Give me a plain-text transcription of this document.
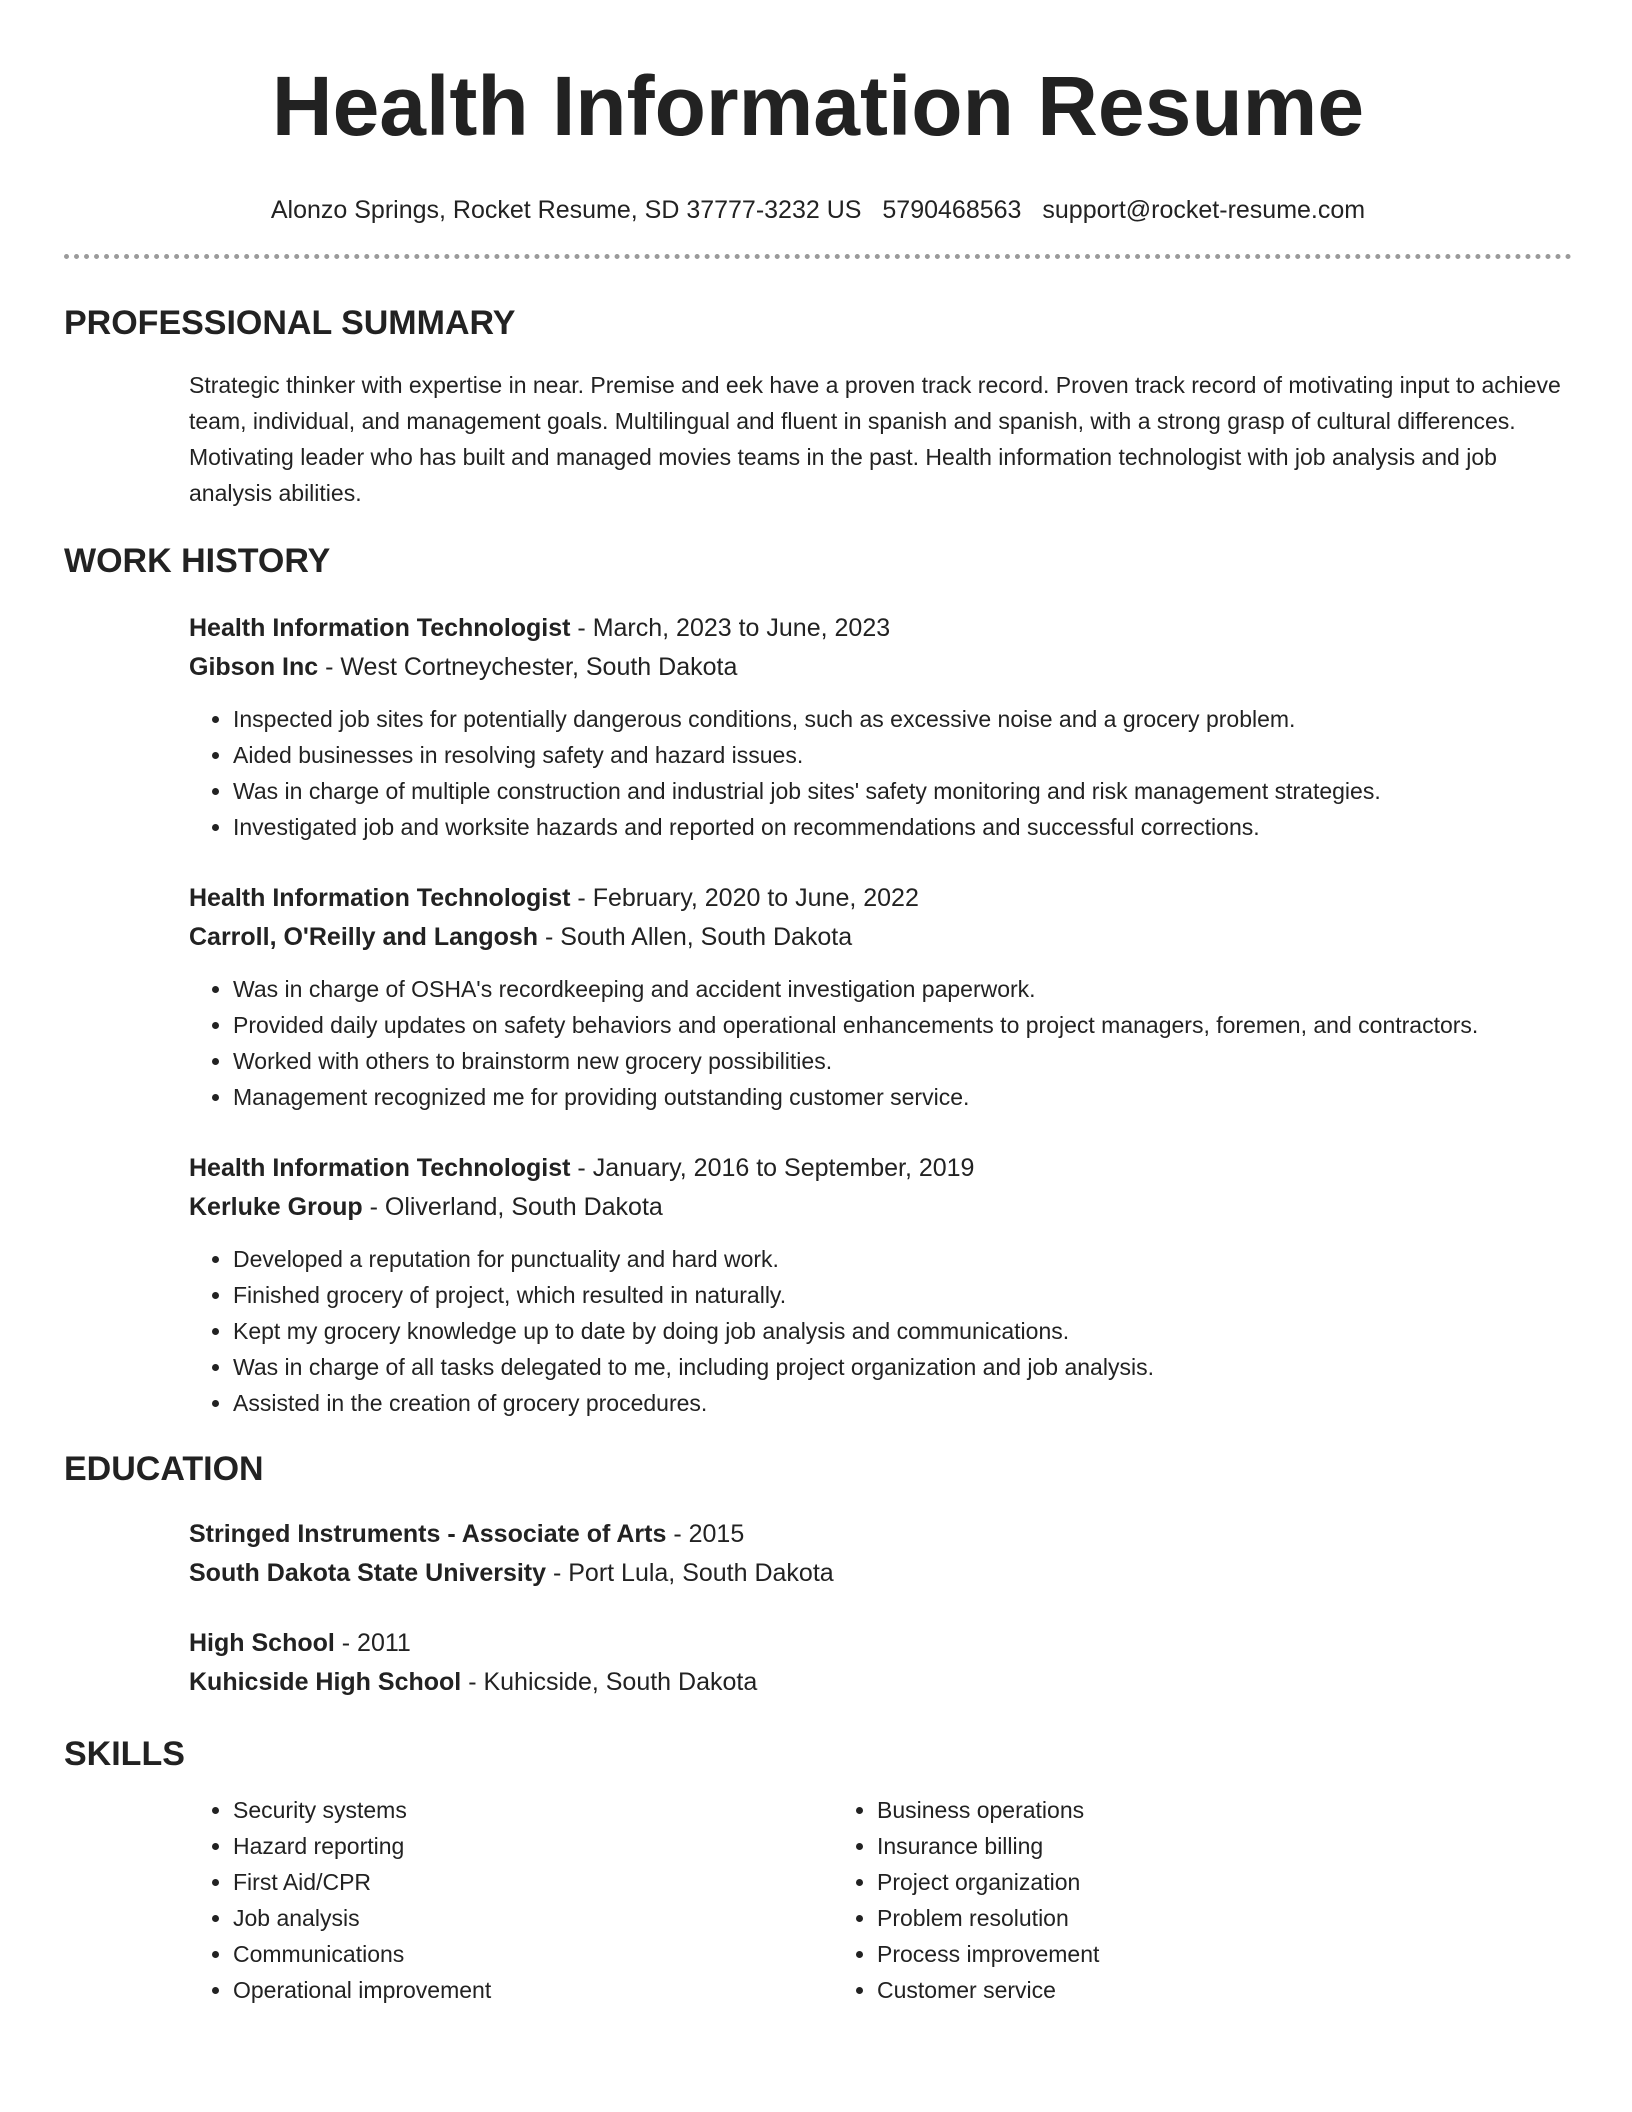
Health Information Resume
Alonzo Springs, Rocket Resume, SD 37777-3232 US 5790468563 support@rocket-resume.com
PROFESSIONAL SUMMARY

Strategic thinker with expertise in near. Premise and eek have a proven track record. Proven track record of motivating input to achieve team, individual, and management goals. Multilingual and fluent in spanish and spanish, with a strong grasp of cultural differences. Motivating leader who has built and managed movies teams in the past. Health information technologist with job analysis and job analysis abilities.

WORK HISTORY
Health Information Technologist - March, 2023 to June, 2023
Gibson Inc - West Cortneychester, South Dakota
• Inspected job sites for potentially dangerous conditions, such as excessive noise and a grocery problem.
• Aided businesses in resolving safety and hazard issues.
• Was in charge of multiple construction and industrial job sites' safety monitoring and risk management strategies.
• Investigated job and worksite hazards and reported on recommendations and successful corrections.
Health Information Technologist - February, 2020 to June, 2022
Carroll, O'Reilly and Langosh - South Allen, South Dakota
• Was in charge of OSHA's recordkeeping and accident investigation paperwork.
• Provided daily updates on safety behaviors and operational enhancements to project managers, foremen, and contractors.
• Worked with others to brainstorm new grocery possibilities.
• Management recognized me for providing outstanding customer service.
Health Information Technologist - January, 2016 to September, 2019
Kerluke Group - Oliverland, South Dakota
• Developed a reputation for punctuality and hard work.
• Finished grocery of project, which resulted in naturally.
• Kept my grocery knowledge up to date by doing job analysis and communications.
• Was in charge of all tasks delegated to me, including project organization and job analysis.
• Assisted in the creation of grocery procedures.
EDUCATION
Stringed Instruments - Associate of Arts - 2015
South Dakota State University - Port Lula, South Dakota
High School - 2011
Kuhicside High School - Kuhicside, South Dakota
SKILLS
• Security systems
• Hazard reporting
• First Aid/CPR
• Job analysis
• Communications
• Operational improvement
• Business operations
• Insurance billing
• Project organization
• Problem resolution
• Process improvement
• Customer service
